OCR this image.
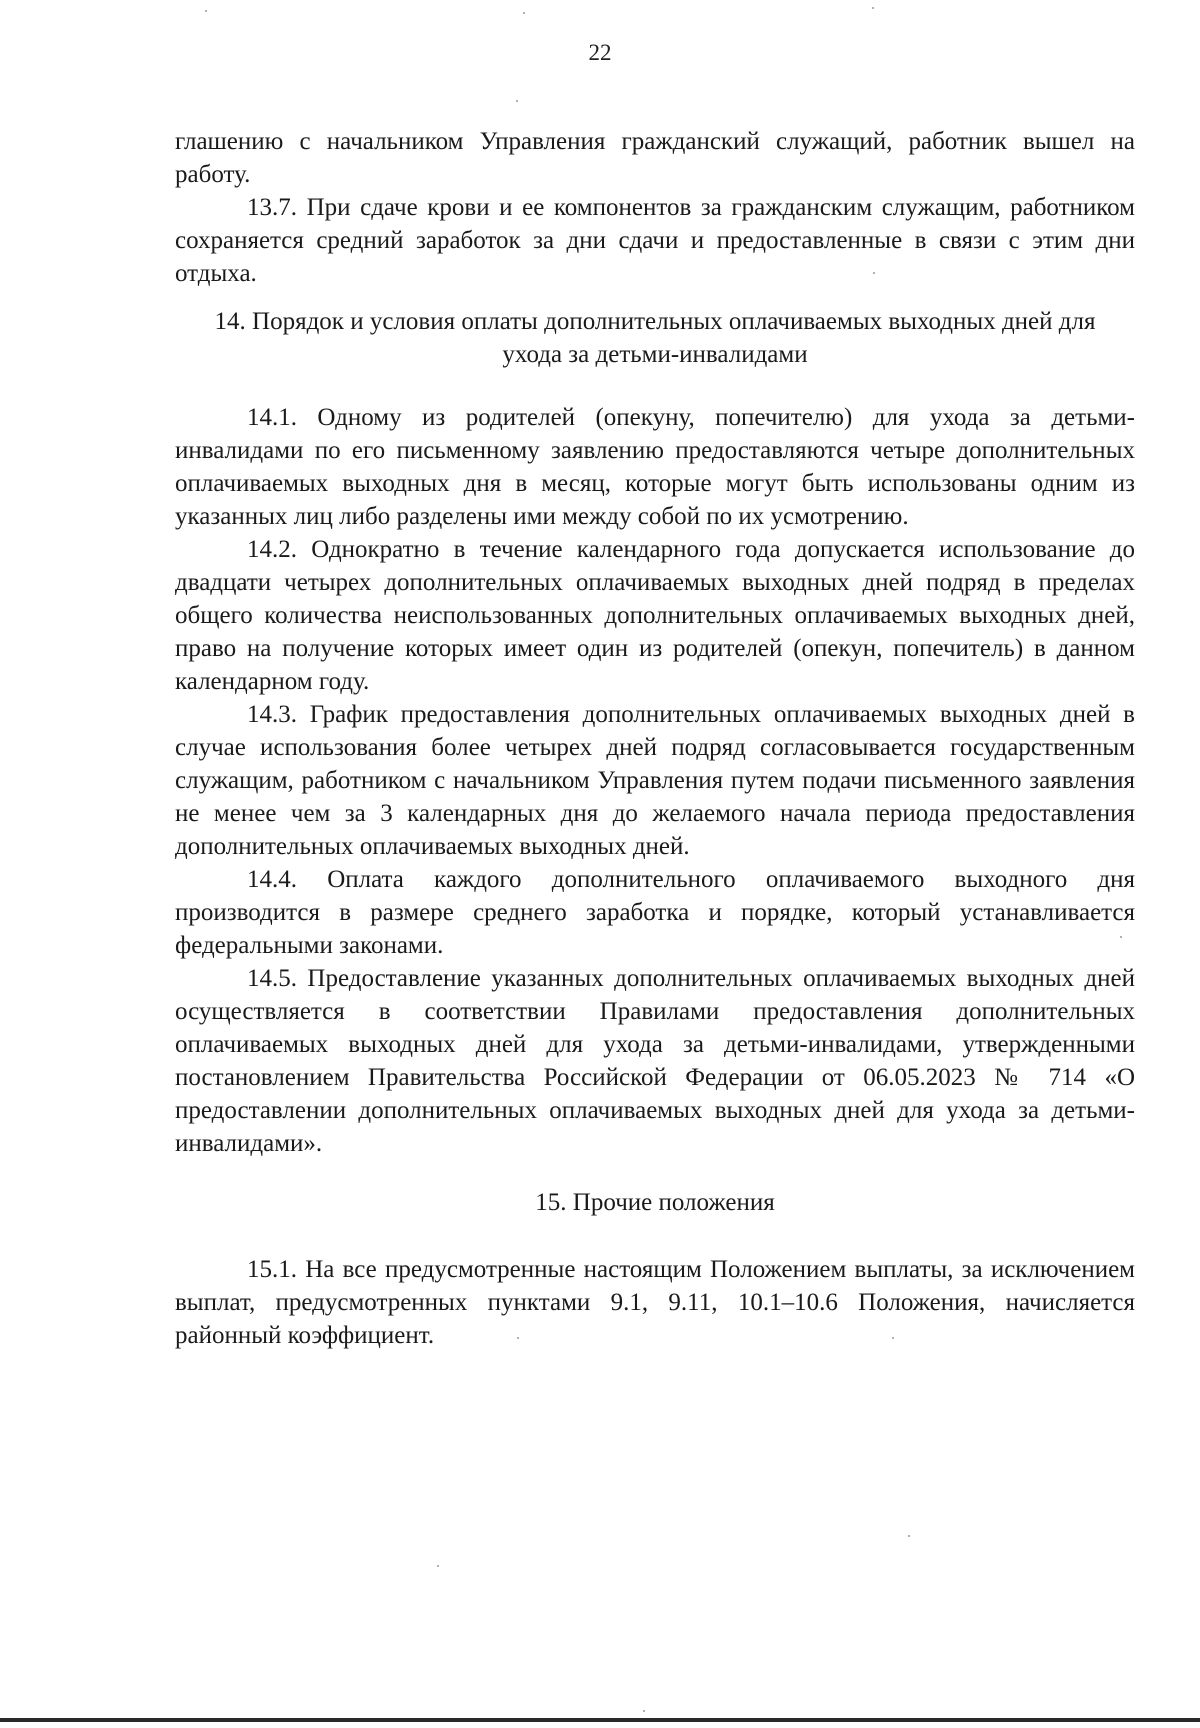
22

глашению с начальником Управления гражданский служащий, работник вышел на работу.

13.7. При сдаче крови и ее компонентов за гражданским служащим, работником сохраняется средний заработок за дни сдачи и предоставленные в связи с этим дни отдыха.

14. Порядок и условия оплаты дополнительных оплачиваемых выходных дней для ухода за детьми-инвалидами

14.1. Одному из родителей (опекуну, попечителю) для ухода за детьми-инвалидами по его письменному заявлению предоставляются четыре дополнительных оплачиваемых выходных дня в месяц, которые могут быть использованы одним из указанных лиц либо разделены ими между собой по их усмотрению.

14.2. Однократно в течение календарного года допускается использование до двадцати четырех дополнительных оплачиваемых выходных дней подряд в пределах общего количества неиспользованных дополнительных оплачиваемых выходных дней, право на получение которых имеет один из родителей (опекун, попечитель) в данном календарном году.

14.3. График предоставления дополнительных оплачиваемых выходных дней в случае использования более четырех дней подряд согласовывается государственным служащим, работником с начальником Управления путем подачи письменного заявления не менее чем за 3 календарных дня до желаемого начала периода предоставления дополнительных оплачиваемых выходных дней.

14.4. Оплата каждого дополнительного оплачиваемого выходного дня производится в размере среднего заработка и порядке, который устанавливается федеральными законами.

14.5. Предоставление указанных дополнительных оплачиваемых выходных дней осуществляется в соответствии Правилами предоставления дополнительных оплачиваемых выходных дней для ухода за детьми-инвалидами, утвержденными постановлением Правительства Российской Федерации от 06.05.2023 № 714 «О предоставлении дополнительных оплачиваемых выходных дней для ухода за детьми-инвалидами».

15. Прочие положения

15.1. На все предусмотренные настоящим Положением выплаты, за исключением выплат, предусмотренных пунктами 9.1, 9.11, 10.1–10.6 Положения, начисляется районный коэффициент.
